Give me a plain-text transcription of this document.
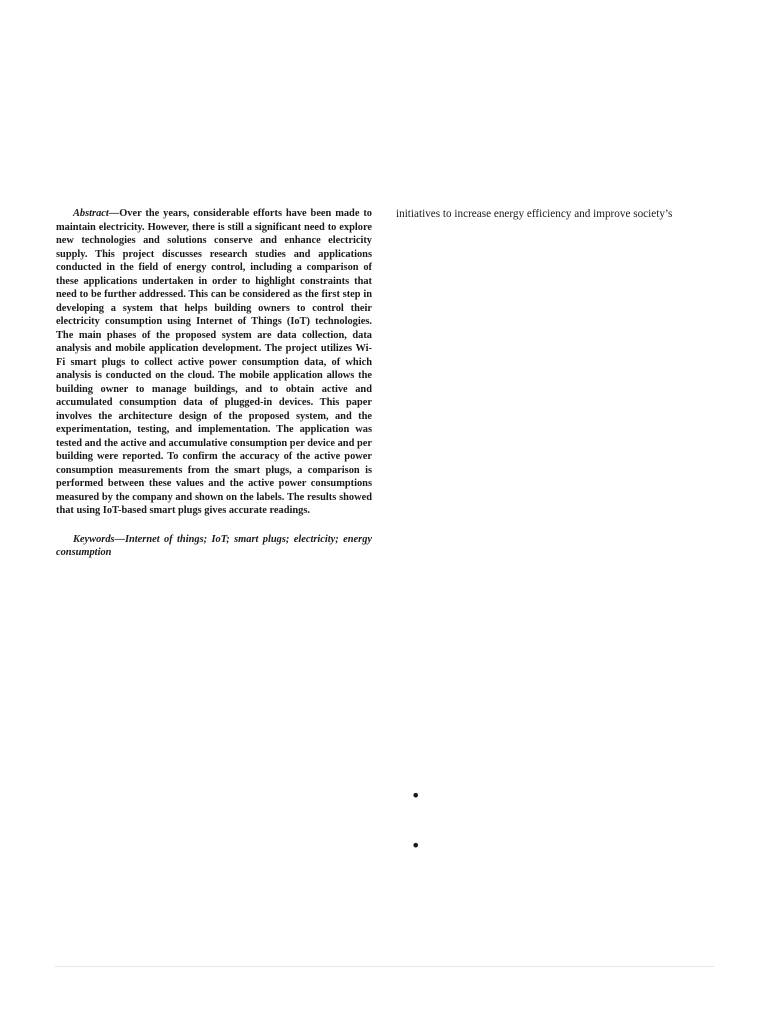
Abstract—Over the years, considerable efforts have been made to maintain electricity. However, there is still a significant need to explore new technologies and solutions conserve and enhance electricity supply. This project discusses research studies and applications conducted in the field of energy control, including a comparison of these applications undertaken in order to highlight constraints that need to be further addressed. This can be considered as the first step in developing a system that helps building owners to control their electricity consumption using Internet of Things (IoT) technologies. The main phases of the proposed system are data collection, data analysis and mobile application development. The project utilizes Wi-Fi smart plugs to collect active power consumption data, of which analysis is conducted on the cloud. The mobile application allows the building owner to manage buildings, and to obtain active and accumulated consumption data of plugged-in devices. This paper involves the architecture design of the proposed system, and the experimentation, testing, and implementation. The application was tested and the active and accumulative consumption per device and per building were reported. To confirm the accuracy of the active power consumption measurements from the smart plugs, a comparison is performed between these values and the active power consumptions measured by the company and shown on the labels. The results showed that using IoT-based smart plugs gives accurate readings.

Keywords—Internet of things; IoT; smart plugs; electricity; energy consumption

initiatives to increase energy efficiency and improve society’s

•
•
